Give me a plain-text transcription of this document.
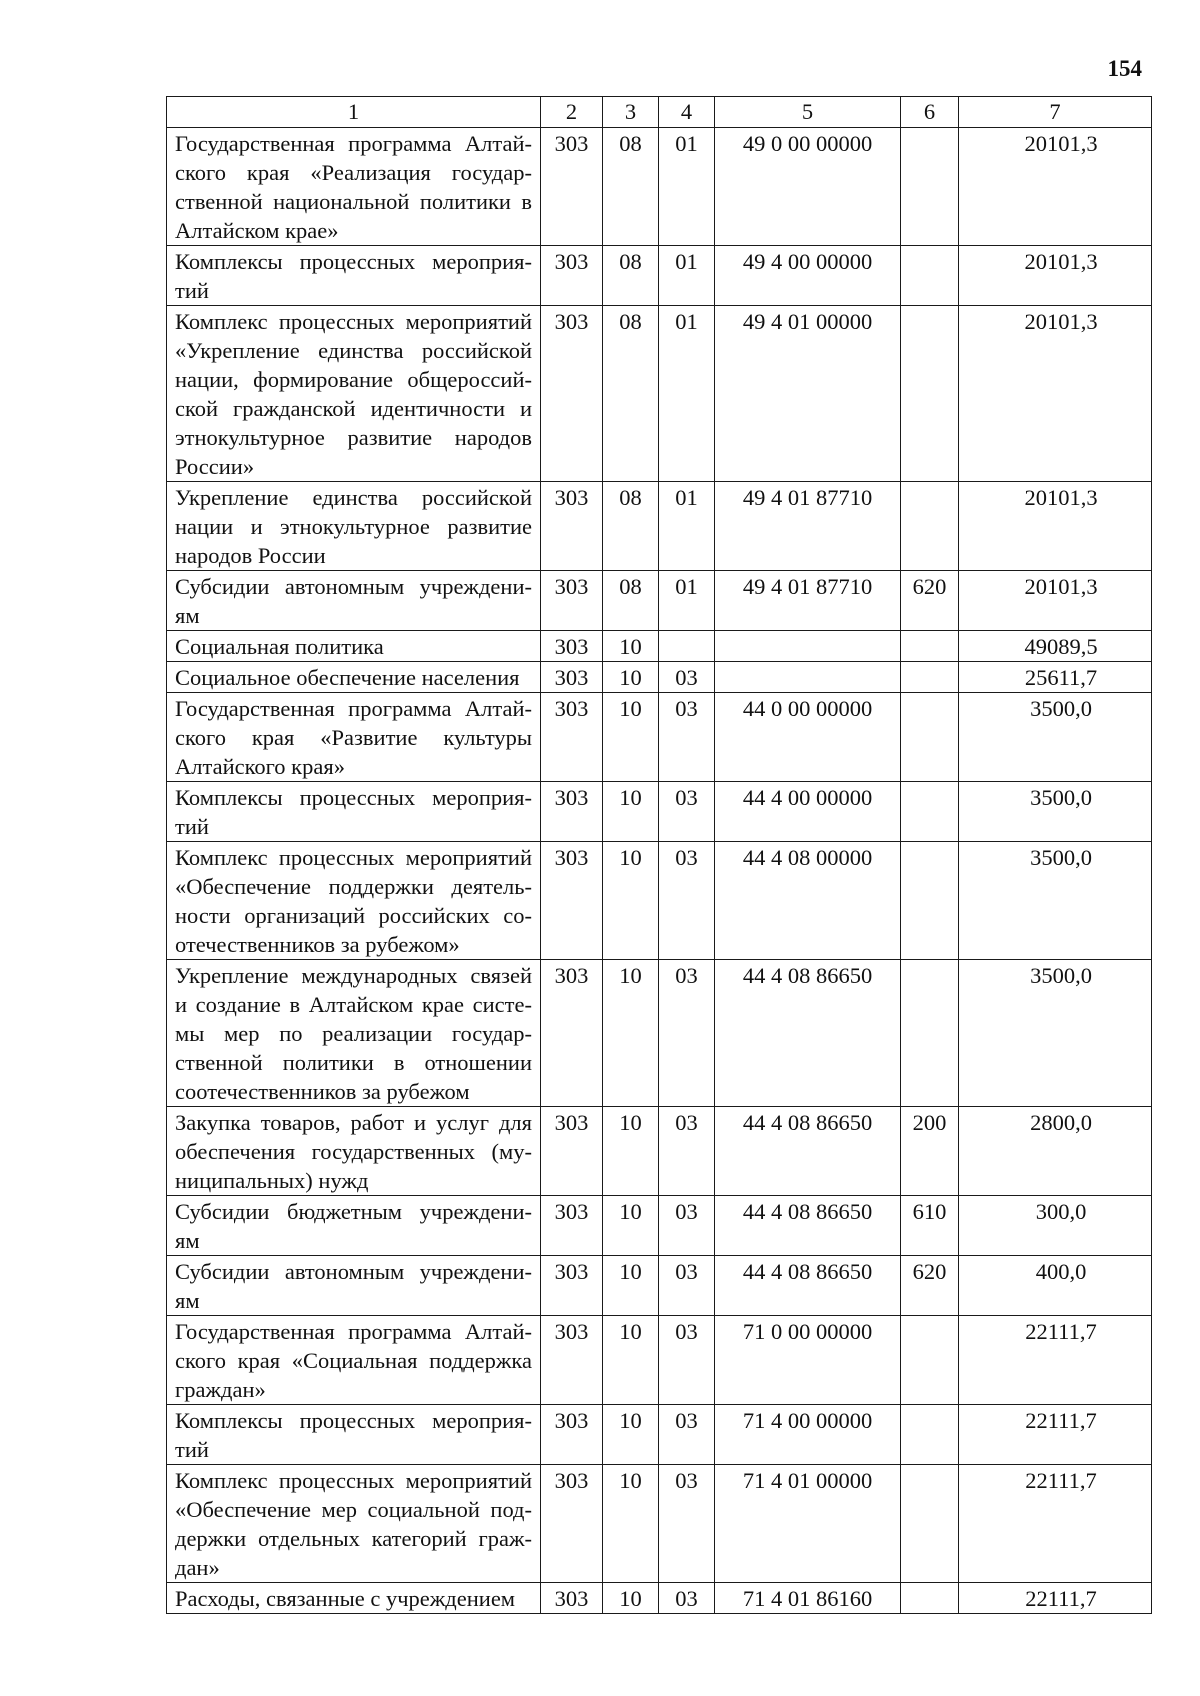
154
1	2	3	4	5	6	7
Государственная программа Алтай-ского края «Реализация государ-ственной национальной политики в Алтайском крае»	303	08	01	49 0 00 00000		20101,3
Комплексы процессных мероприя-тий	303	08	01	49 4 00 00000		20101,3
Комплекс процессных мероприятий «Укрепление единства российской нации, формирование общероссий-ской гражданской идентичности и этнокультурное развитие народов России»	303	08	01	49 4 01 00000		20101,3
Укрепление единства российской нации и этнокультурное развитие народов России	303	08	01	49 4 01 87710		20101,3
Субсидии автономным учреждени-ям	303	08	01	49 4 01 87710	620	20101,3
Социальная политика	303	10				49089,5
Социальное обеспечение населения	303	10	03			25611,7
Государственная программа Алтай-ского края «Развитие культуры Алтайского края»	303	10	03	44 0 00 00000		3500,0
Комплексы процессных мероприя-тий	303	10	03	44 4 00 00000		3500,0
Комплекс процессных мероприятий «Обеспечение поддержки деятель-ности организаций российских со-отечественников за рубежом»	303	10	03	44 4 08 00000		3500,0
Укрепление международных связей и создание в Алтайском крае систе-мы мер по реализации государ-ственной политики в отношении соотечественников за рубежом	303	10	03	44 4 08 86650		3500,0
Закупка товаров, работ и услуг для обеспечения государственных (му-ниципальных) нужд	303	10	03	44 4 08 86650	200	2800,0
Субсидии бюджетным учреждени-ям	303	10	03	44 4 08 86650	610	300,0
Субсидии автономным учреждени-ям	303	10	03	44 4 08 86650	620	400,0
Государственная программа Алтай-ского края «Социальная поддержка граждан»	303	10	03	71 0 00 00000		22111,7
Комплексы процессных мероприя-тий	303	10	03	71 4 00 00000		22111,7
Комплекс процессных мероприятий «Обеспечение мер социальной под-держки отдельных категорий граж-дан»	303	10	03	71 4 01 00000		22111,7
Расходы, связанные с учреждением	303	10	03	71 4 01 86160		22111,7
